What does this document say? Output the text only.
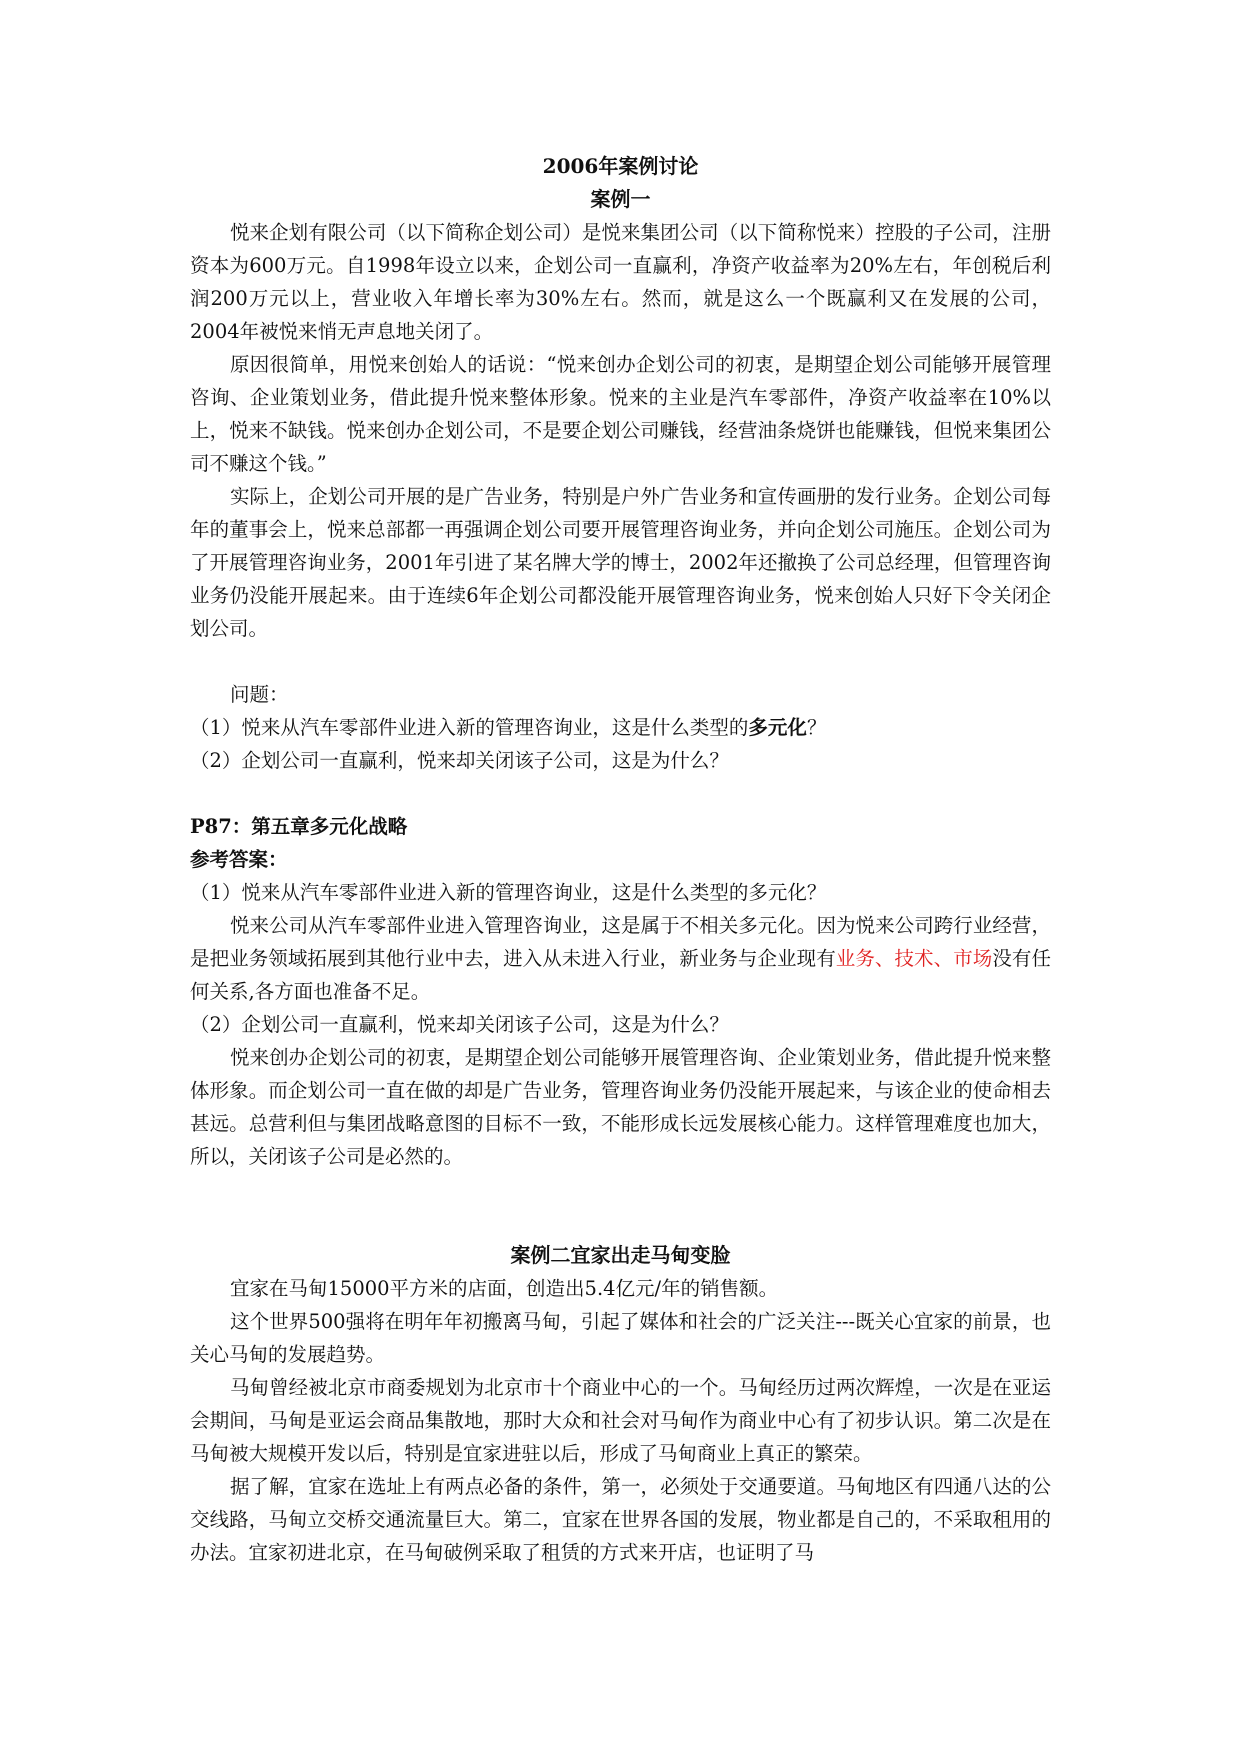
2006年案例讨论
案例一

悦来企划有限公司（以下简称企划公司）是悦来集团公司（以下简称悦来）控股的子公司，注册资本为600万元。自1998年设立以来，企划公司一直赢利，净资产收益率为20%左右，年创税后利润200万元以上，营业收入年增长率为30%左右。然而，就是这么一个既赢利又在发展的公司，2004年被悦来悄无声息地关闭了。

原因很简单，用悦来创始人的话说：“悦来创办企划公司的初衷，是期望企划公司能够开展管理咨询、企业策划业务，借此提升悦来整体形象。悦来的主业是汽车零部件，净资产收益率在10%以上，悦来不缺钱。悦来创办企划公司，不是要企划公司赚钱，经营油条烧饼也能赚钱，但悦来集团公司不赚这个钱。”

实际上，企划公司开展的是广告业务，特别是户外广告业务和宣传画册的发行业务。企划公司每年的董事会上，悦来总部都一再强调企划公司要开展管理咨询业务，并向企划公司施压。企划公司为了开展管理咨询业务，2001年引进了某名牌大学的博士，2002年还撤换了公司总经理，但管理咨询业务仍没能开展起来。由于连续6年企划公司都没能开展管理咨询业务，悦来创始人只好下令关闭企划公司。

问题：

（1）悦来从汽车零部件业进入新的管理咨询业，这是什么类型的多元化？

（2）企划公司一直赢利，悦来却关闭该子公司，这是为什么？

P87：第五章多元化战略

参考答案：

（1）悦来从汽车零部件业进入新的管理咨询业，这是什么类型的多元化？

悦来公司从汽车零部件业进入管理咨询业，这是属于不相关多元化。因为悦来公司跨行业经营，是把业务领域拓展到其他行业中去，进入从未进入行业，新业务与企业现有业务、技术、市场没有任何关系,各方面也准备不足。

（2）企划公司一直赢利，悦来却关闭该子公司，这是为什么？

悦来创办企划公司的初衷，是期望企划公司能够开展管理咨询、企业策划业务，借此提升悦来整体形象。而企划公司一直在做的却是广告业务，管理咨询业务仍没能开展起来，与该企业的使命相去甚远。总营利但与集团战略意图的目标不一致，不能形成长远发展核心能力。这样管理难度也加大，所以，关闭该子公司是必然的。

案例二宜家出走马甸变脸

宜家在马甸15000平方米的店面，创造出5.4亿元/年的销售额。

这个世界500强将在明年年初搬离马甸，引起了媒体和社会的广泛关注---既关心宜家的前景，也关心马甸的发展趋势。

马甸曾经被北京市商委规划为北京市十个商业中心的一个。马甸经历过两次辉煌，一次是在亚运会期间，马甸是亚运会商品集散地，那时大众和社会对马甸作为商业中心有了初步认识。第二次是在马甸被大规模开发以后，特别是宜家进驻以后，形成了马甸商业上真正的繁荣。

据了解，宜家在选址上有两点必备的条件，第一，必须处于交通要道。马甸地区有四通八达的公交线路，马甸立交桥交通流量巨大。第二，宜家在世界各国的发展，物业都是自己的，不采取租用的办法。宜家初进北京，在马甸破例采取了租赁的方式来开店，也证明了马
